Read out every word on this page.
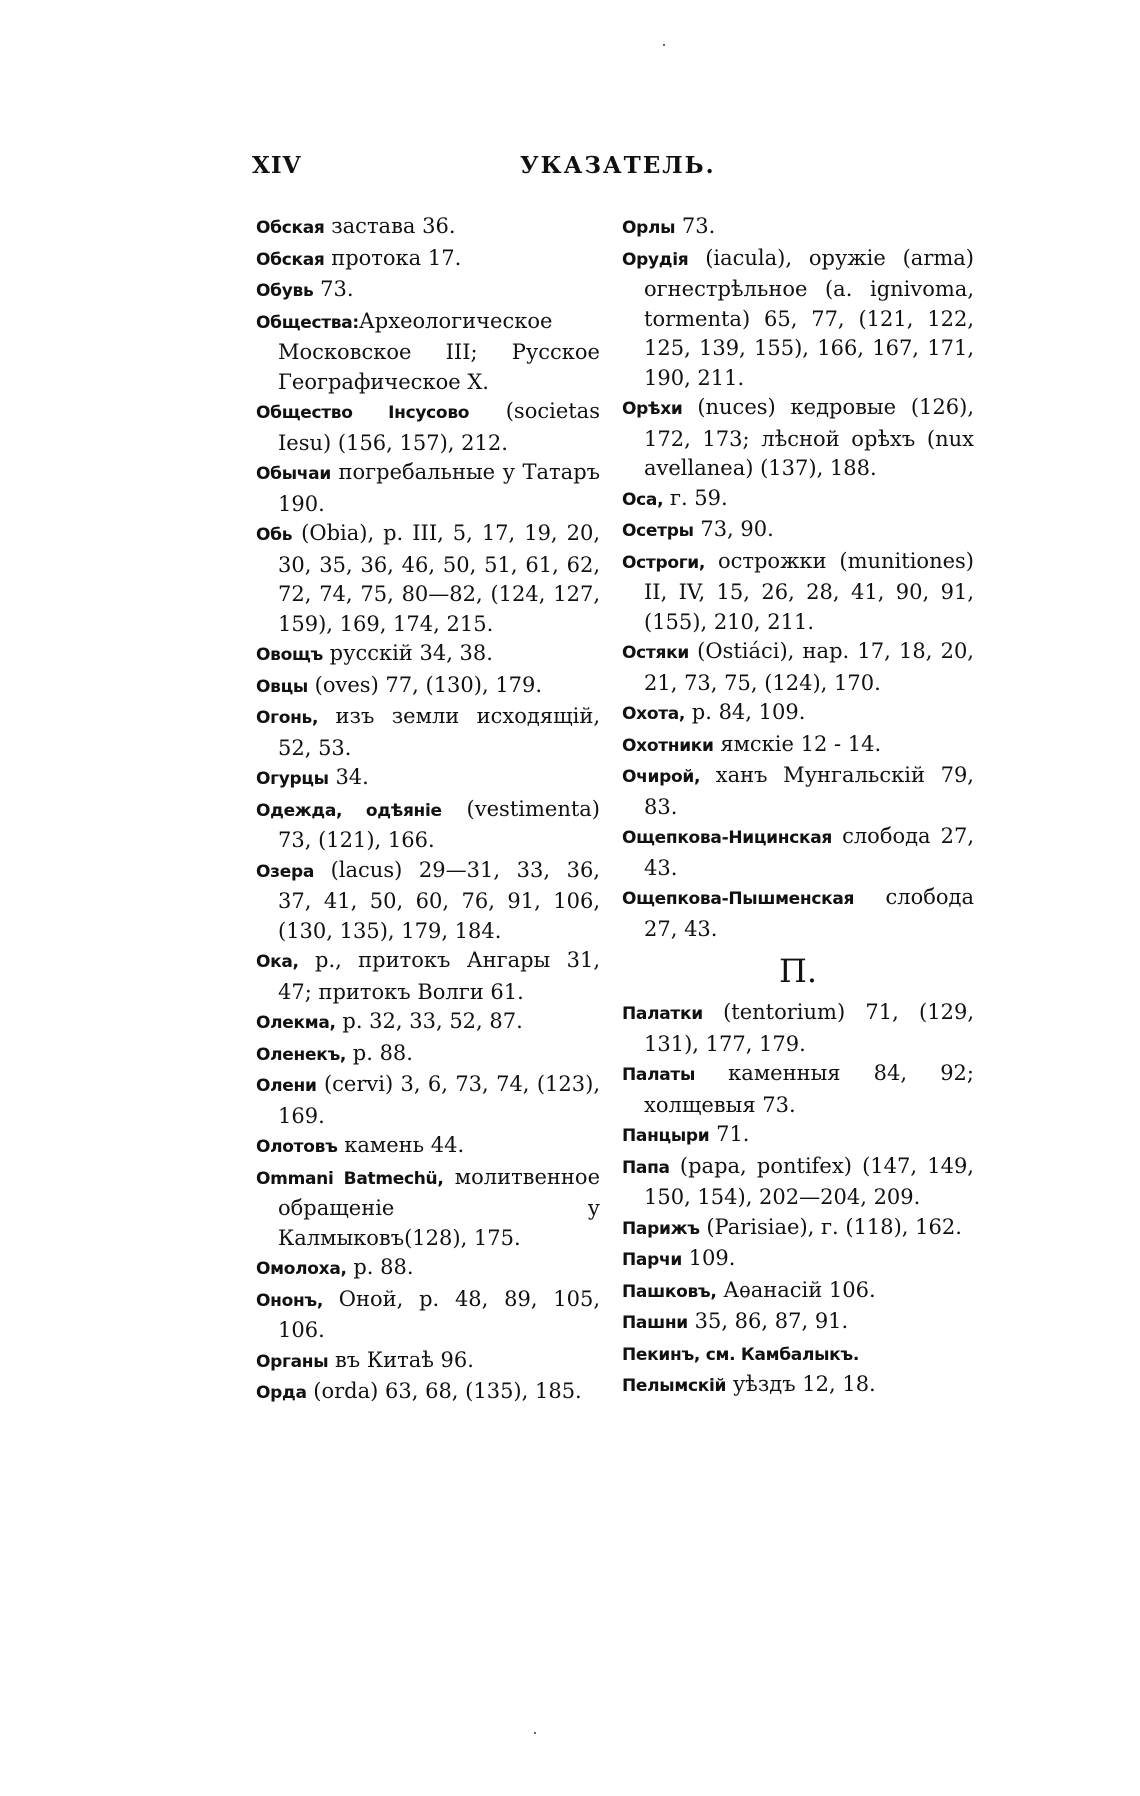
XIV	УКАЗАТЕЛЬ.

Обская застава 36.

Обская протока 17.

Обувь 73.

Общества:Археологическое Московское III; Русское Географическое X.

Общество Інсусово (societas Iesu) (156, 157), 212.

Обычаи погребальные у Татаръ 190.

Обь (Obia), р. III, 5, 17, 19, 20, 30, 35, 36, 46, 50, 51, 61, 62, 72, 74, 75, 80—82, (124, 127, 159), 169, 174, 215.

Овощъ русскій 34, 38.

Овцы (oves) 77, (130), 179.

Огонь, изъ земли исходящій, 52, 53.

Огурцы 34.

Одежда, одѣяніе (vestimenta) 73, (121), 166.

Озера (lacus) 29—31, 33, 36, 37, 41, 50, 60, 76, 91, 106, (130, 135), 179, 184.

Ока, р., притокъ Ангары 31, 47; притокъ Волги 61.

Олекма, р. 32, 33, 52, 87.

Оленекъ, р. 88.

Олени (cervi) 3, 6, 73, 74, (123), 169.

Олотовъ камень 44.

Ommani Batmechü, молитвенное обращеніе у Калмыковъ(128), 175.

Омолоха, р. 88.

Ононъ, Оной, р. 48, 89, 105, 106.

Органы въ Китаѣ 96.

Орда (orda) 63, 68, (135), 185.

Орлы 73.

Орудія (iacula), оружіе (arma) огнестрѣльное (a. ignivoma, tormenta) 65, 77, (121, 122, 125, 139, 155), 166, 167, 171, 190, 211.

Орѣхи (nuces) кедровые (126), 172, 173; лѣсной орѣхъ (nux avellanea) (137), 188.

Оса, г. 59.

Осетры 73, 90.

Остроги, острожки (munitiones) II, IV, 15, 26, 28, 41, 90, 91, (155), 210, 211.

Остяки (Ostiáci), нар. 17, 18, 20, 21, 73, 75, (124), 170.

Охота, р. 84, 109.

Охотники ямскіе 12 - 14.

Очирой, ханъ Мунгальскій 79, 83.

Ощепкова-Ницинская слобода 27, 43.

Ощепкова-Пышменская слобода 27, 43.

П.

Палатки (tentorium) 71, (129, 131), 177, 179.

Палаты каменныя 84, 92; холщевыя 73.

Панцыри 71.

Папа (papa, pontifex) (147, 149, 150, 154), 202—204, 209.

Парижъ (Parisiae), г. (118), 162.

Парчи 109.

Пашковъ, Аѳанасій 106.

Пашни 35, 86, 87, 91.

Пекинъ, см. Камбалыкъ.

Пелымскій уѣздъ 12, 18.
